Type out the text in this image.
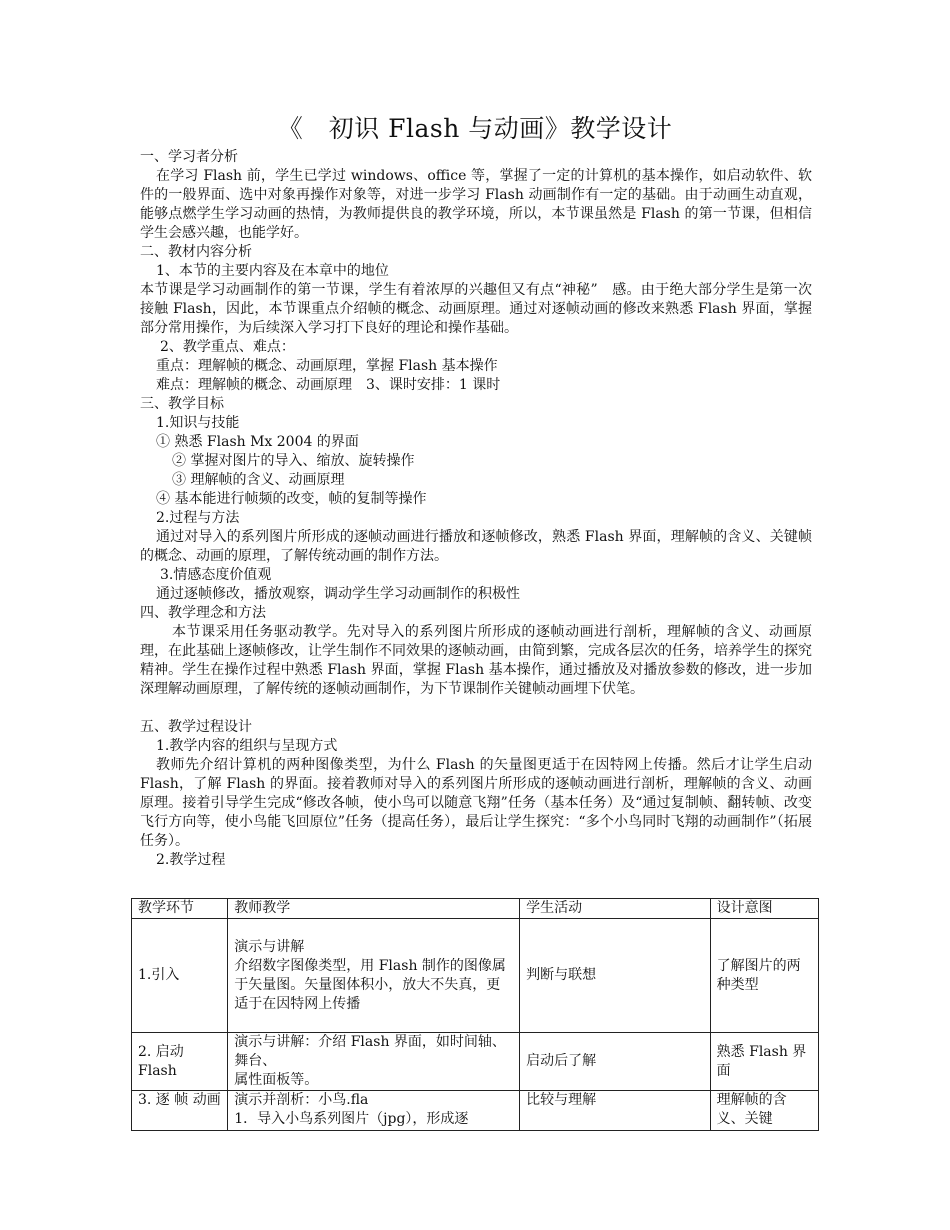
《　初识 Flash 与动画》教学设计

一、学习者分析

在学习 Flash 前，学生已学过 windows、office 等，掌握了一定的计算机的基本操作，如启动软件、软件的一般界面、选中对象再操作对象等，对进一步学习 Flash 动画制作有一定的基础。由于动画生动直观，能够点燃学生学习动画的热情，为教师提供良的教学环境，所以，本节课虽然是 Flash 的第一节课，但相信学生会感兴趣，也能学好。

二、教材内容分析

1、本节的主要内容及在本章中的地位

本节课是学习动画制作的第一节课，学生有着浓厚的兴趣但又有点“神秘”　感。由于绝大部分学生是第一次接触 Flash，因此，本节课重点介绍帧的概念、动画原理。通过对逐帧动画的修改来熟悉 Flash 界面，掌握部分常用操作，为后续深入学习打下良好的理论和操作基础。

2、教学重点、难点：

重点：理解帧的概念、动画原理，掌握 Flash 基本操作

难点：理解帧的概念、动画原理　3、课时安排：1 课时

三、教学目标

1.知识与技能

① 熟悉 Flash Mx 2004 的界面

② 掌握对图片的导入、缩放、旋转操作

③ 理解帧的含义、动画原理

④ 基本能进行帧频的改变，帧的复制等操作

2.过程与方法

通过对导入的系列图片所形成的逐帧动画进行播放和逐帧修改，熟悉 Flash 界面，理解帧的含义、关键帧的概念、动画的原理，了解传统动画的制作方法。

3.情感态度价值观

通过逐帧修改，播放观察，调动学生学习动画制作的积极性

四、教学理念和方法

本节课采用任务驱动教学。先对导入的系列图片所形成的逐帧动画进行剖析，理解帧的含义、动画原理，在此基础上逐帧修改，让学生制作不同效果的逐帧动画，由简到繁，完成各层次的任务，培养学生的探究精神。学生在操作过程中熟悉 Flash 界面，掌握 Flash 基本操作，通过播放及对播放参数的修改，进一步加深理解动画原理，了解传统的逐帧动画制作，为下节课制作关键帧动画埋下伏笔。

五、教学过程设计

1.教学内容的组织与呈现方式

教师先介绍计算机的两种图像类型，为什么 Flash 的矢量图更适于在因特网上传播。然后才让学生启动 Flash，了解 Flash 的界面。接着教师对导入的系列图片所形成的逐帧动画进行剖析，理解帧的含义、动画原理。接着引导学生完成“修改各帧，使小鸟可以随意飞翔”任务（基本任务）及“通过复制帧、翻转帧、改变飞行方向等，使小鸟能飞回原位”任务（提高任务），最后让学生探究：“多个小鸟同时飞翔的动画制作”（拓展任务）。

2.教学过程

教学环节	教师教学	学生活动	设计意图
1.引入	演示与讲解
介绍数字图像类型，用 Flash 制作的图像属
于矢量图。矢量图体积小，放大不失真，更适于在因特网上传播	判断与联想	了解图片的两种类型
2. 启动 Flash	演示与讲解：介绍 Flash 界面，如时间轴、舞台、
属性面板等。	启动后了解	熟悉 Flash 界面
3. 逐 帧 动画	演示并剖析：小鸟.fla
1．导入小鸟系列图片（jpg），形成逐	比较与理解	理解帧的含义、关键
